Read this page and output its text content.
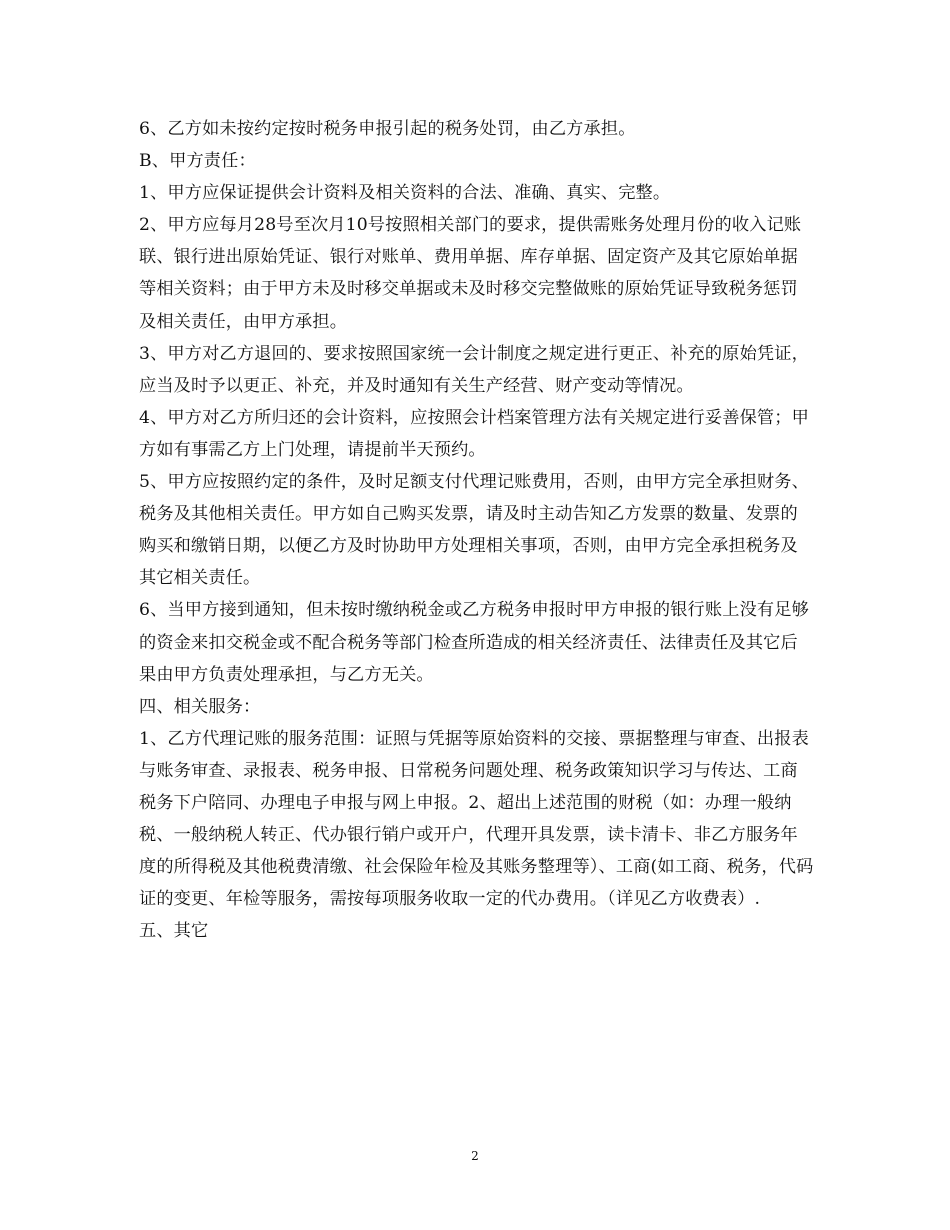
6、乙方如未按约定按时税务申报引起的税务处罚，由乙方承担。

B、甲方责任：

1、甲方应保证提供会计资料及相关资料的合法、准确、真实、完整。

2、甲方应每月28号至次月10号按照相关部门的要求，提供需账务处理月份的收入记账联、银行进出原始凭证、银行对账单、费用单据、库存单据、固定资产及其它原始单据等相关资料；由于甲方未及时移交单据或未及时移交完整做账的原始凭证导致税务惩罚及相关责任，由甲方承担。

3、甲方对乙方退回的、要求按照国家统一会计制度之规定进行更正、补充的原始凭证，应当及时予以更正、补充，并及时通知有关生产经营、财产变动等情况。

4、甲方对乙方所归还的会计资料，应按照会计档案管理方法有关规定进行妥善保管；甲方如有事需乙方上门处理，请提前半天预约。

5、甲方应按照约定的条件，及时足额支付代理记账费用，否则，由甲方完全承担财务、税务及其他相关责任。甲方如自己购买发票，请及时主动告知乙方发票的数量、发票的购买和缴销日期，以便乙方及时协助甲方处理相关事项，否则，由甲方完全承担税务及其它相关责任。

6、当甲方接到通知，但未按时缴纳税金或乙方税务申报时甲方申报的银行账上没有足够的资金来扣交税金或不配合税务等部门检查所造成的相关经济责任、法律责任及其它后果由甲方负责处理承担，与乙方无关。

四、相关服务：

1、乙方代理记账的服务范围：证照与凭据等原始资料的交接、票据整理与审查、出报表与账务审查、录报表、税务申报、日常税务问题处理、税务政策知识学习与传达、工商税务下户陪同、办理电子申报与网上申报。2、超出上述范围的财税（如：办理一般纳税、一般纳税人转正、代办银行销户或开户，代理开具发票，读卡清卡、非乙方服务年度的所得税及其他税费清缴、社会保险年检及其账务整理等）、工商(如工商、税务，代码证的变更、年检等服务，需按每项服务收取一定的代办费用。（详见乙方收费表）.

五、其它

2
